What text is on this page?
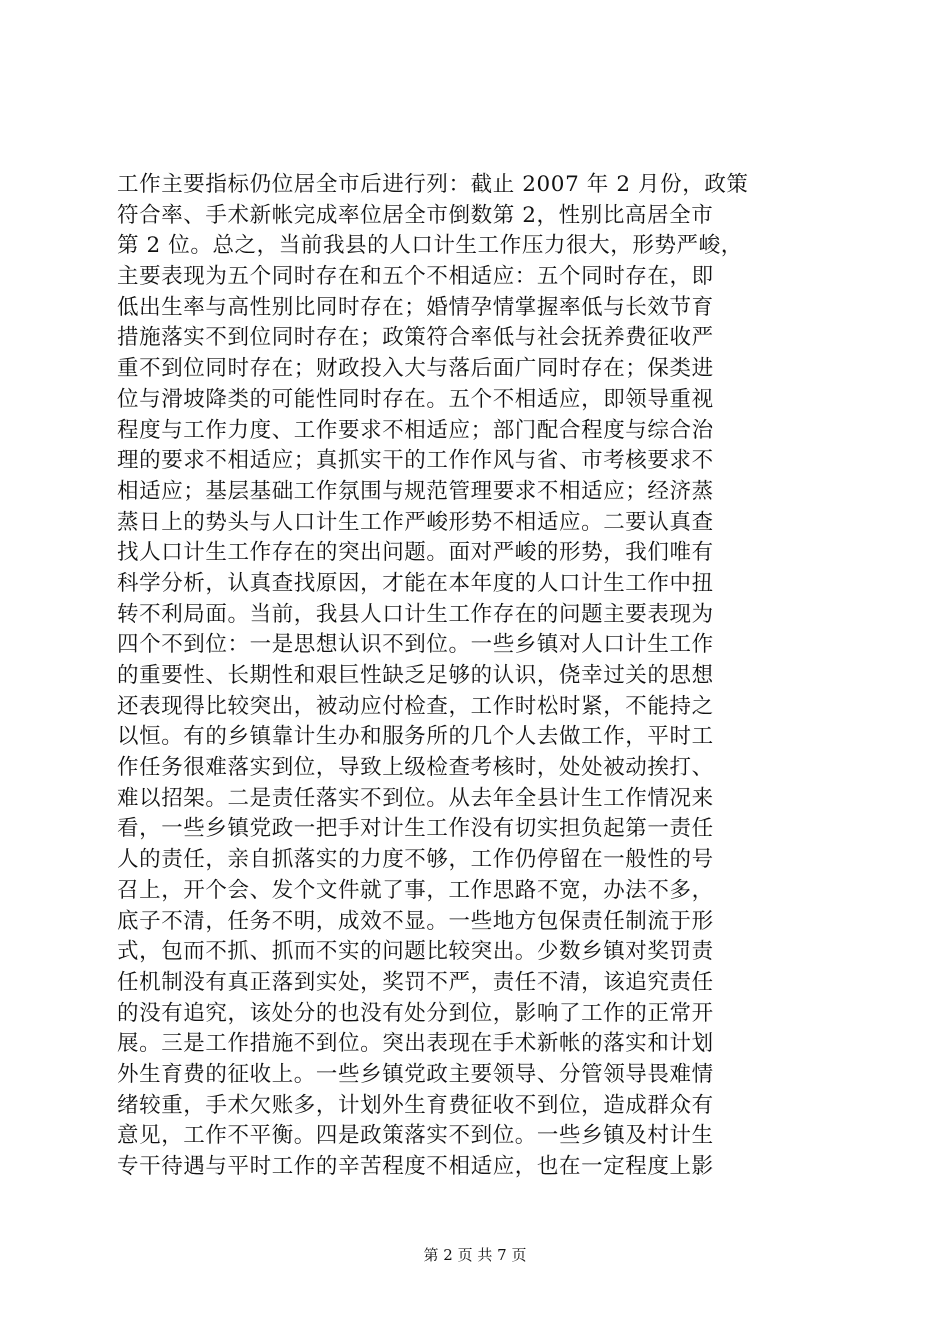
工作主要指标仍位居全市后进行列：截止 2007 年 2 月份，政策
符合率、手术新帐完成率位居全市倒数第 2，性别比高居全市
第 2 位。总之，当前我县的人口计生工作压力很大，形势严峻，
主要表现为五个同时存在和五个不相适应：五个同时存在，即
低出生率与高性别比同时存在；婚情孕情掌握率低与长效节育
措施落实不到位同时存在；政策符合率低与社会抚养费征收严
重不到位同时存在；财政投入大与落后面广同时存在；保类进
位与滑坡降类的可能性同时存在。五个不相适应，即领导重视
程度与工作力度、工作要求不相适应；部门配合程度与综合治
理的要求不相适应；真抓实干的工作作风与省、市考核要求不
相适应；基层基础工作氛围与规范管理要求不相适应；经济蒸
蒸日上的势头与人口计生工作严峻形势不相适应。二要认真查
找人口计生工作存在的突出问题。面对严峻的形势，我们唯有
科学分析，认真查找原因，才能在本年度的人口计生工作中扭
转不利局面。当前，我县人口计生工作存在的问题主要表现为
四个不到位：一是思想认识不到位。一些乡镇对人口计生工作
的重要性、长期性和艰巨性缺乏足够的认识，侥幸过关的思想
还表现得比较突出，被动应付检查，工作时松时紧，不能持之
以恒。有的乡镇靠计生办和服务所的几个人去做工作，平时工
作任务很难落实到位，导致上级检查考核时，处处被动挨打、
难以招架。二是责任落实不到位。从去年全县计生工作情况来
看，一些乡镇党政一把手对计生工作没有切实担负起第一责任
人的责任，亲自抓落实的力度不够，工作仍停留在一般性的号
召上，开个会、发个文件就了事，工作思路不宽，办法不多，
底子不清，任务不明，成效不显。一些地方包保责任制流于形
式，包而不抓、抓而不实的问题比较突出。少数乡镇对奖罚责
任机制没有真正落到实处，奖罚不严，责任不清，该追究责任
的没有追究，该处分的也没有处分到位，影响了工作的正常开
展。三是工作措施不到位。突出表现在手术新帐的落实和计划
外生育费的征收上。一些乡镇党政主要领导、分管领导畏难情
绪较重，手术欠账多，计划外生育费征收不到位，造成群众有
意见，工作不平衡。四是政策落实不到位。一些乡镇及村计生
专干待遇与平时工作的辛苦程度不相适应，也在一定程度上影
第 2 页 共 7 页
